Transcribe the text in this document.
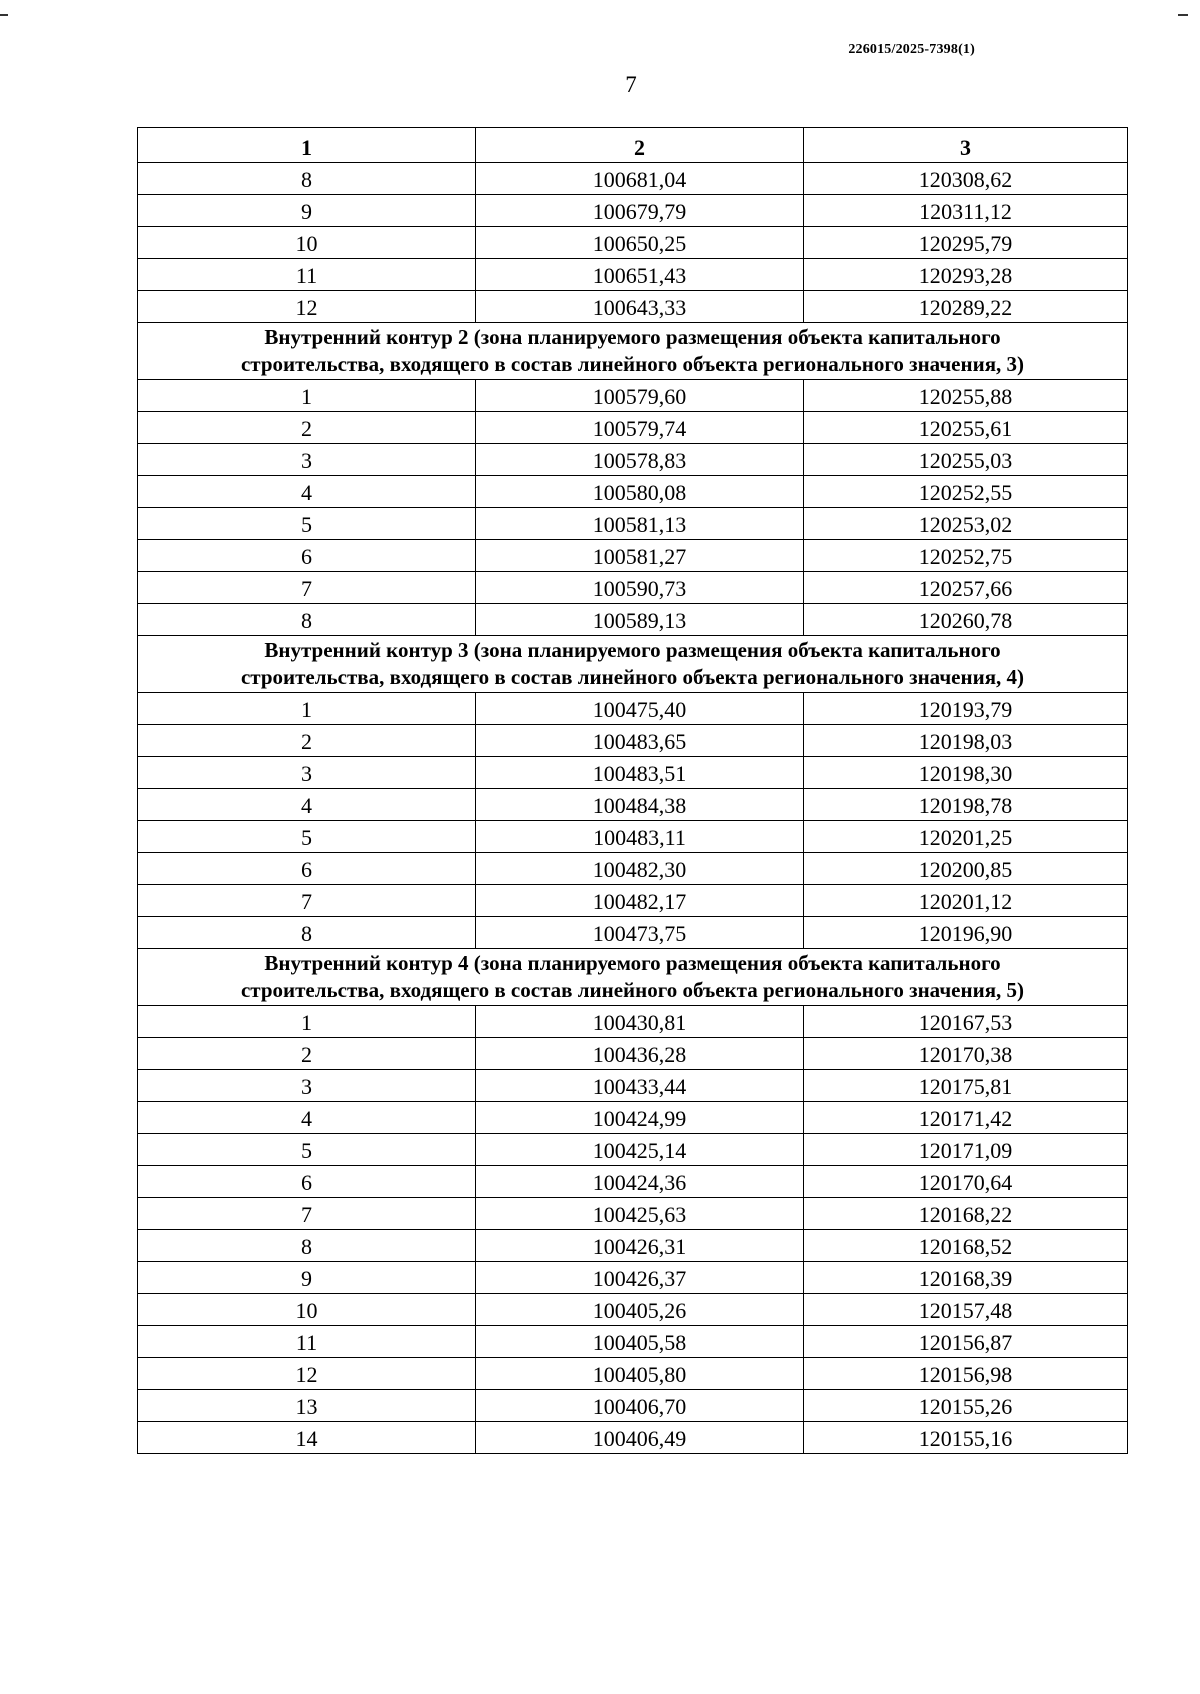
226015/2025-7398(1)
7
1	2	3
8	100681,04	120308,62
9	100679,79	120311,12
10	100650,25	120295,79
11	100651,43	120293,28
12	100643,33	120289,22

Внутренний контур 2 (зона планируемого размещения объекта капитального
строительства, входящего в состав линейного объекта регионального значения, 3)		

1	100579,60	120255,88
2	100579,74	120255,61
3	100578,83	120255,03
4	100580,08	120252,55
5	100581,13	120253,02
6	100581,27	120252,75
7	100590,73	120257,66
8	100589,13	120260,78

Внутренний контур 3 (зона планируемого размещения объекта капитального
строительства, входящего в состав линейного объекта регионального значения, 4)		

1	100475,40	120193,79
2	100483,65	120198,03
3	100483,51	120198,30
4	100484,38	120198,78
5	100483,11	120201,25
6	100482,30	120200,85
7	100482,17	120201,12
8	100473,75	120196,90

Внутренний контур 4 (зона планируемого размещения объекта капитального
строительства, входящего в состав линейного объекта регионального значения, 5)		

1	100430,81	120167,53
2	100436,28	120170,38
3	100433,44	120175,81
4	100424,99	120171,42
5	100425,14	120171,09
6	100424,36	120170,64
7	100425,63	120168,22
8	100426,31	120168,52
9	100426,37	120168,39
10	100405,26	120157,48
11	100405,58	120156,87
12	100405,80	120156,98
13	100406,70	120155,26
14	100406,49	120155,16
